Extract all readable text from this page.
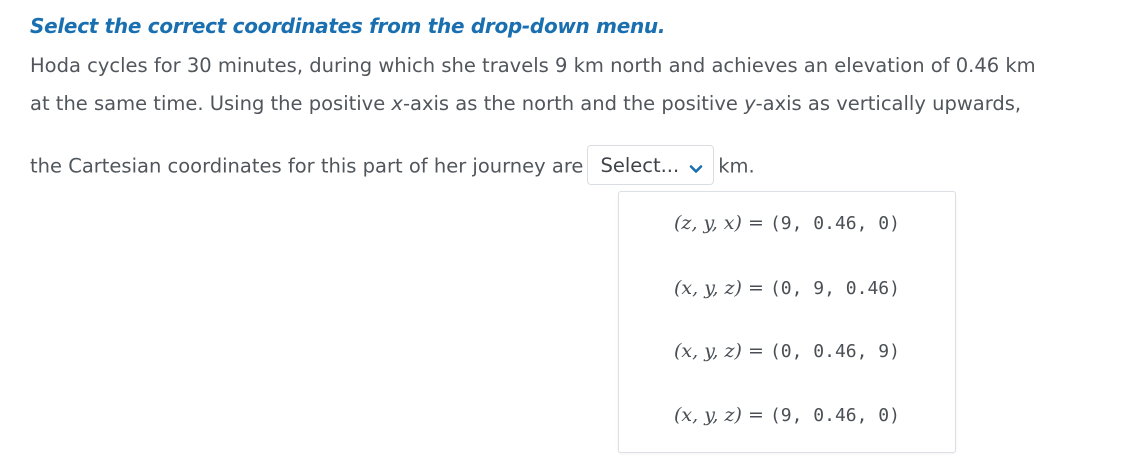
Select the correct coordinates from the drop-down menu.
Hoda cycles for 30 minutes, during which she travels 9 km north and achieves an elevation of 0.46 km
at the same time. Using the positive x-axis as the north and the positive y-axis as vertically upwards,
the Cartesian coordinates for this part of her journey are Select... km.
(z, y, x) = (9, 0.46, 0)
(x, y, z) = (0, 9, 0.46)
(x, y, z) = (0, 0.46, 9)
(x, y, z) = (9, 0.46, 0)
